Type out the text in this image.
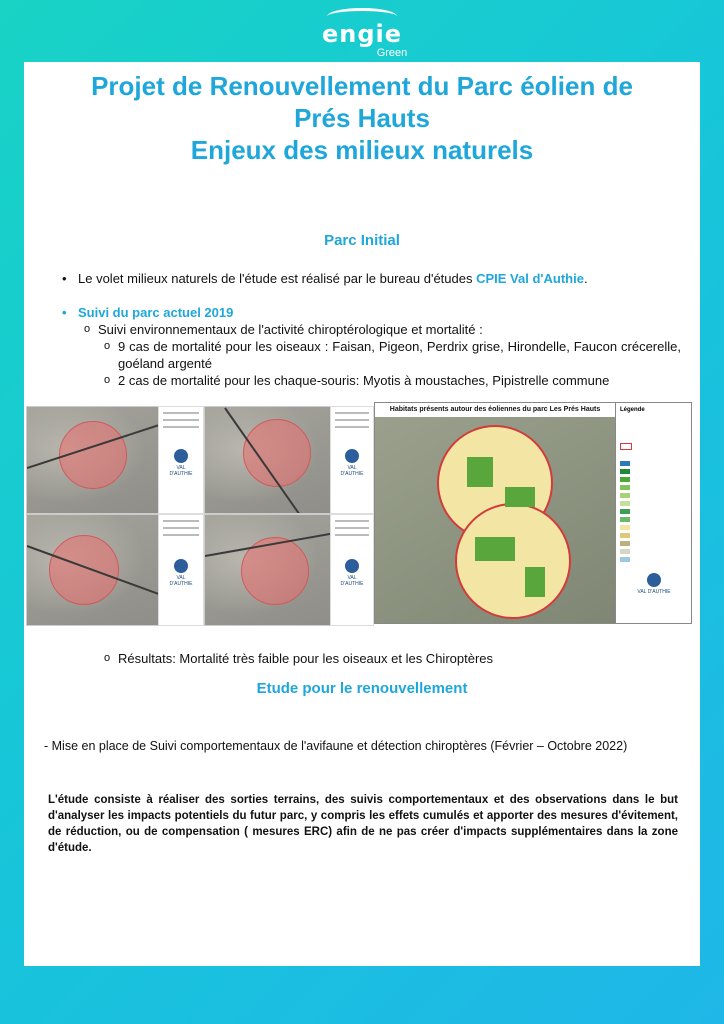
engie
Green
Projet de Renouvellement du Parc éolien de
Prés Hauts
Enjeux des milieux naturels
Parc Initial
• Le volet milieux naturels de l'étude est réalisé par le bureau d'études CPIE Val d'Authie.
• Suivi du parc actuel 2019
o Suivi environnementaux de l'activité chiroptérologique et mortalité :
o 9 cas de mortalité pour les oiseaux : Faisan, Pigeon, Perdrix grise, Hirondelle, Faucon crécerelle, goéland argenté
o 2 cas de mortalité pour les chaque-souris: Myotis à moustaches, Pipistrelle commune
VAL D'AUTHIE
VAL D'AUTHIE
VAL D'AUTHIE
VAL D'AUTHIE
Habitats présents autour des éoliennes du parc Les Prés Hauts	Légende
VAL D'AUTHIE
o Résultats: Mortalité très faible pour les oiseaux et les Chiroptères
Etude pour le renouvellement
- Mise en place de Suivi comportementaux de l'avifaune et détection chiroptères (Février – Octobre 2022)
L'étude consiste à réaliser des sorties terrains, des suivis comportementaux et des observations dans le but d'analyser les impacts potentiels du futur parc, y compris les effets cumulés et apporter des mesures d'évitement, de réduction, ou de compensation ( mesures ERC) afin de ne pas créer d'impacts supplémentaires dans la zone d'étude.
